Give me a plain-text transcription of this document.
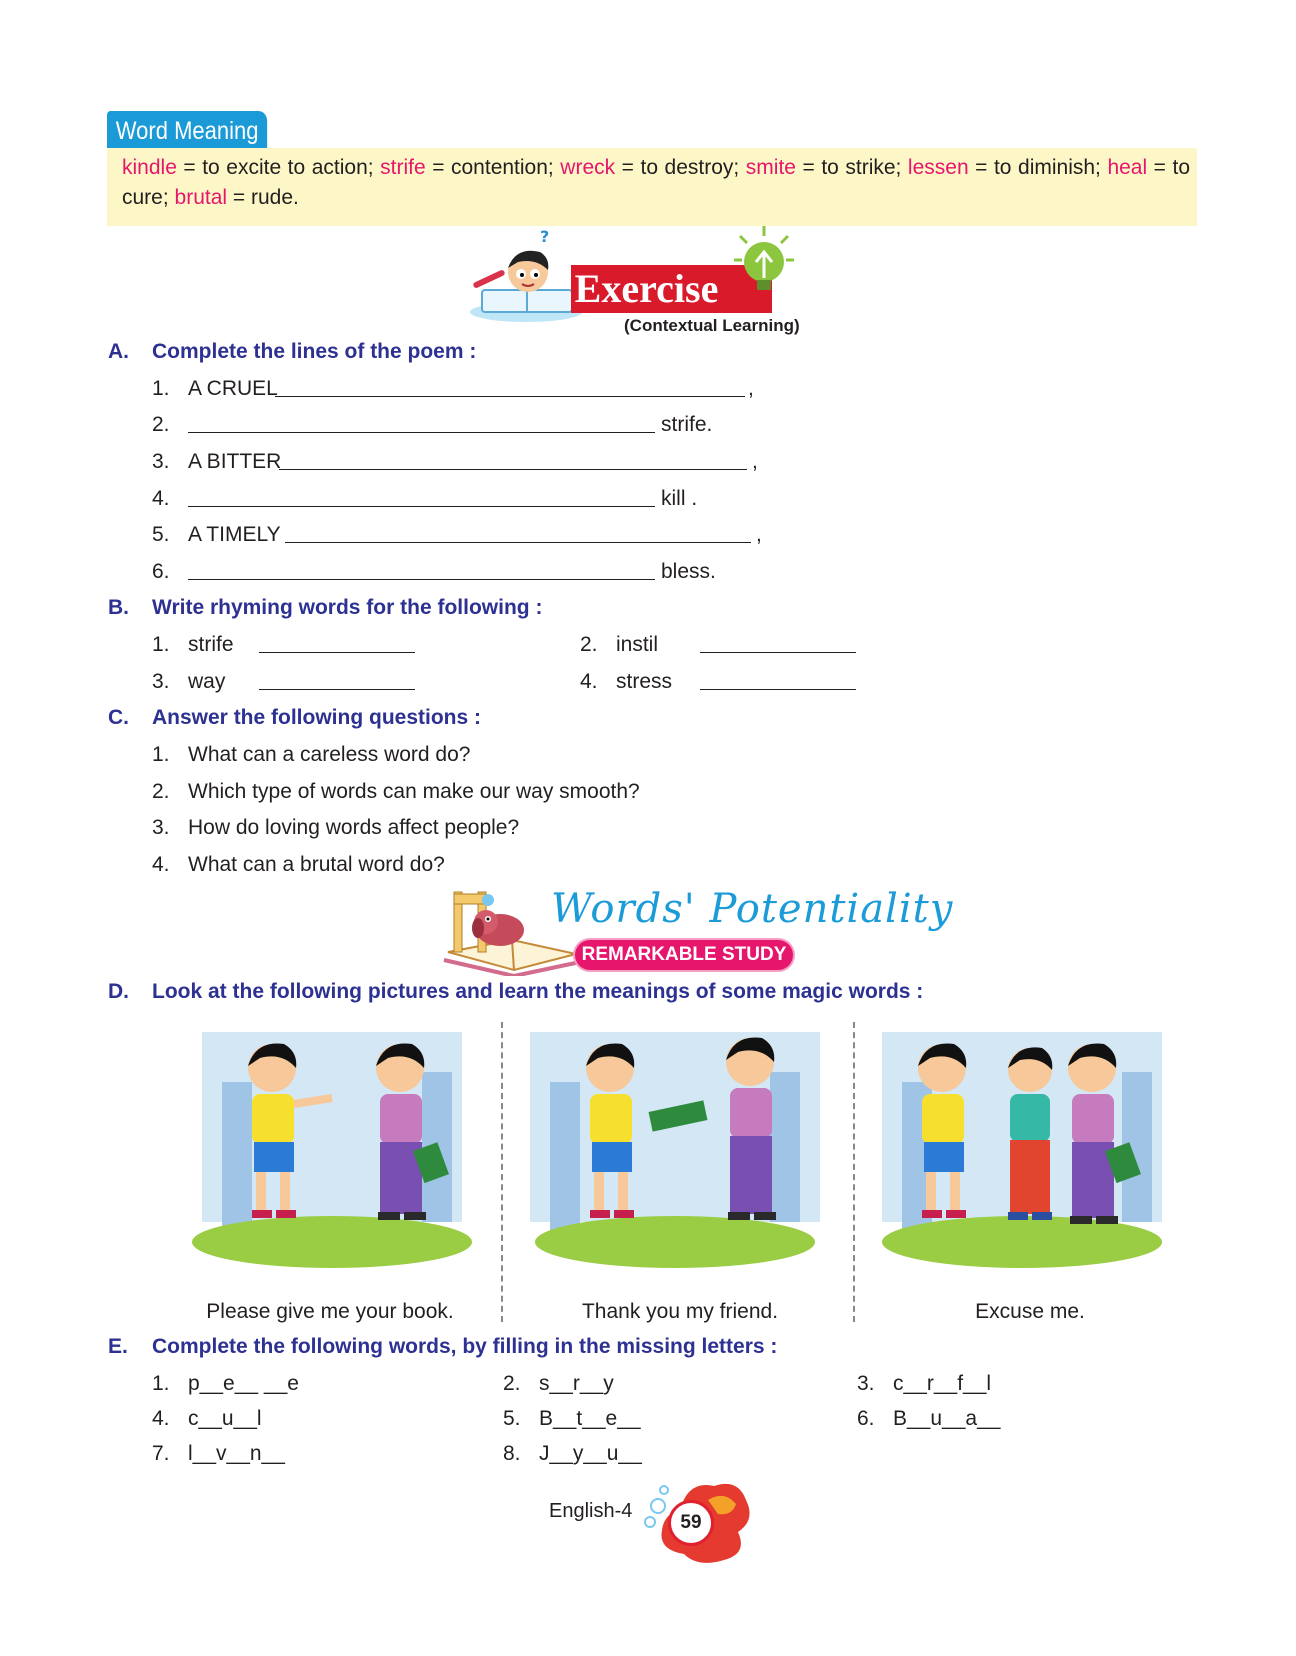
Word Meaning
kindle = to excite to action; strife = contention; wreck = to destroy; smite = to strike; lessen = to diminish; heal = to cure; brutal = rude.
?
Exercise
(Contextual Learning)
A. Complete the lines of the poem :
1. A CRUEL	,
2.	strife.
3. A BITTER	,
4.	kill .
5. A TIMELY	,
6.	bless.
B. Write rhyming words for the following :
1. strife	2. instil
3. way	4. stress
C. Answer the following questions :
1. What can a careless word do?
2. Which type of words can make our way smooth?
3. How do loving words affect people?
4. What can a brutal word do?
Words' Potentiality
REMARKABLE STUDY
D. Look at the following pictures and learn the meanings of some magic words :
Please give me your book.	Thank you my friend.	Excuse me.
E. Complete the following words, by filling in the missing letters :
1. p__e__ __e	2. s__r__y	3. c__r__f__l
4. c__u__l	5. B__t__e__	6. B__u__a__
7. l__v__n__	8. J__y__u__
English-4
59
